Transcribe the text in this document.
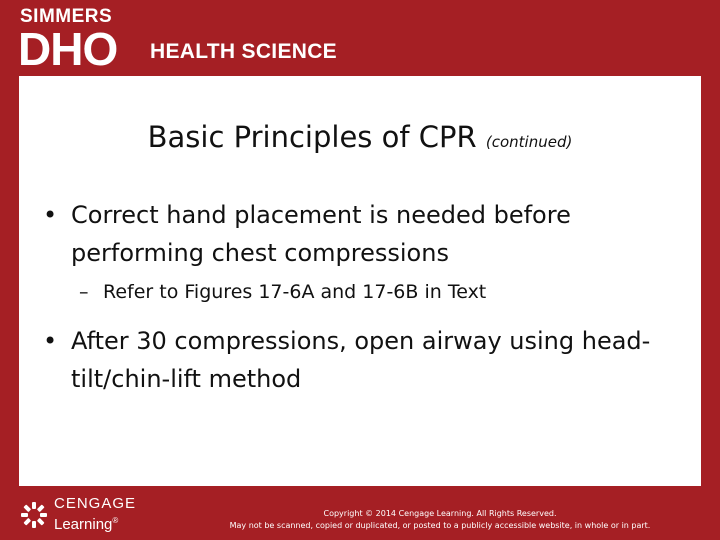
SIMMERS
DHO HEALTH SCIENCE
Basic Principles of CPR (continued)
• Correct hand placement is needed before performing chest compressions
– Refer to Figures 17-6A and 17-6B in Text
• After 30 compressions, open airway using head-tilt/chin-lift method
CENGAGE
Learning®
Copyright © 2014 Cengage Learning. All Rights Reserved.
May not be scanned, copied or duplicated, or posted to a publicly accessible website, in whole or in part.
